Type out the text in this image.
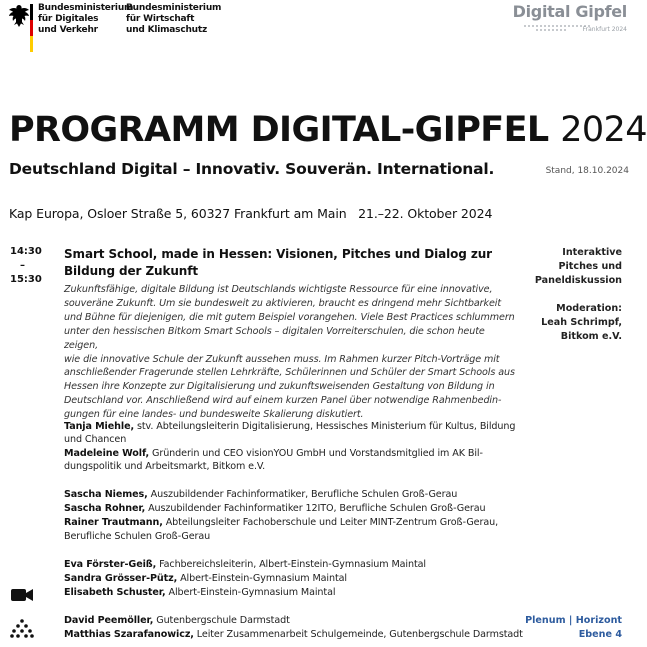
Bundesministerium
für Digitales
und Verkehr
Bundesministerium
für Wirtschaft
und Klimaschutz
Digital Gipfel
Frankfurt 2024
PROGRAMM DIGITAL-GIPFEL 2024
Deutschland Digital – Innovativ. Souverän. International.	Stand, 18.10.2024
Kap Europa, Osloer Straße 5, 60327 Frankfurt am Main   21.–22. Oktober 2024
14:30
–
15:30
Smart School, made in Hessen: Visionen, Pitches und Dialog zur Bildung der Zukunft
Zukunftsfähige, digitale Bildung ist Deutschlands wichtigste Ressource für eine innovative,
souveräne Zukunft. Um sie bundesweit zu aktivieren, braucht es dringend mehr Sichtbarkeit
und Bühne für diejenigen, die mit gutem Beispiel vorangehen. Viele Best Practices schlummern
unter den hessischen Bitkom Smart Schools – digitalen Vorreiterschulen, die schon heute zeigen,
wie die innovative Schule der Zukunft aussehen muss. Im Rahmen kurzer Pitch-Vorträge mit
anschließender Fragerunde stellen Lehrkräfte, Schülerinnen und Schüler der Smart Schools aus
Hessen ihre Konzepte zur Digitalisierung und zukunftsweisenden Gestaltung von Bildung in
Deutschland vor. Anschließend wird auf einem kurzen Panel über notwendige Rahmenbedin-
gungen für eine landes- und bundesweite Skalierung diskutiert.
Interaktive
Pitches und
Paneldiskussion
Moderation:
Leah Schrimpf,
Bitkom e.V.
Tanja Miehle, stv. Abteilungsleiterin Digitalisierung, Hessisches Ministerium für Kultus, Bildung
und Chancen
Madeleine Wolf, Gründerin und CEO visionYOU GmbH und Vorstandsmitglied im AK Bil-
dungspolitik und Arbeitsmarkt, Bitkom e.V.
Sascha Niemes, Auszubildender Fachinformatiker, Berufliche Schulen Groß-Gerau
Sascha Rohner, Auszubildender Fachinformatiker 12ITO, Berufliche Schulen Groß-Gerau
Rainer Trautmann, Abteilungsleiter Fachoberschule und Leiter MINT-Zentrum Groß-Gerau,
Berufliche Schulen Groß-Gerau
Eva Förster-Geiß, Fachbereichsleiterin, Albert-Einstein-Gymnasium Maintal
Sandra Grösser-Pütz, Albert-Einstein-Gymnasium Maintal
Elisabeth Schuster, Albert-Einstein-Gymnasium Maintal
David Peemöller, Gutenbergschule Darmstadt
Matthias Szarafanowicz, Leiter Zusammenarbeit Schulgemeinde, Gutenbergschule Darmstadt
Plenum | Horizont
Ebene 4
